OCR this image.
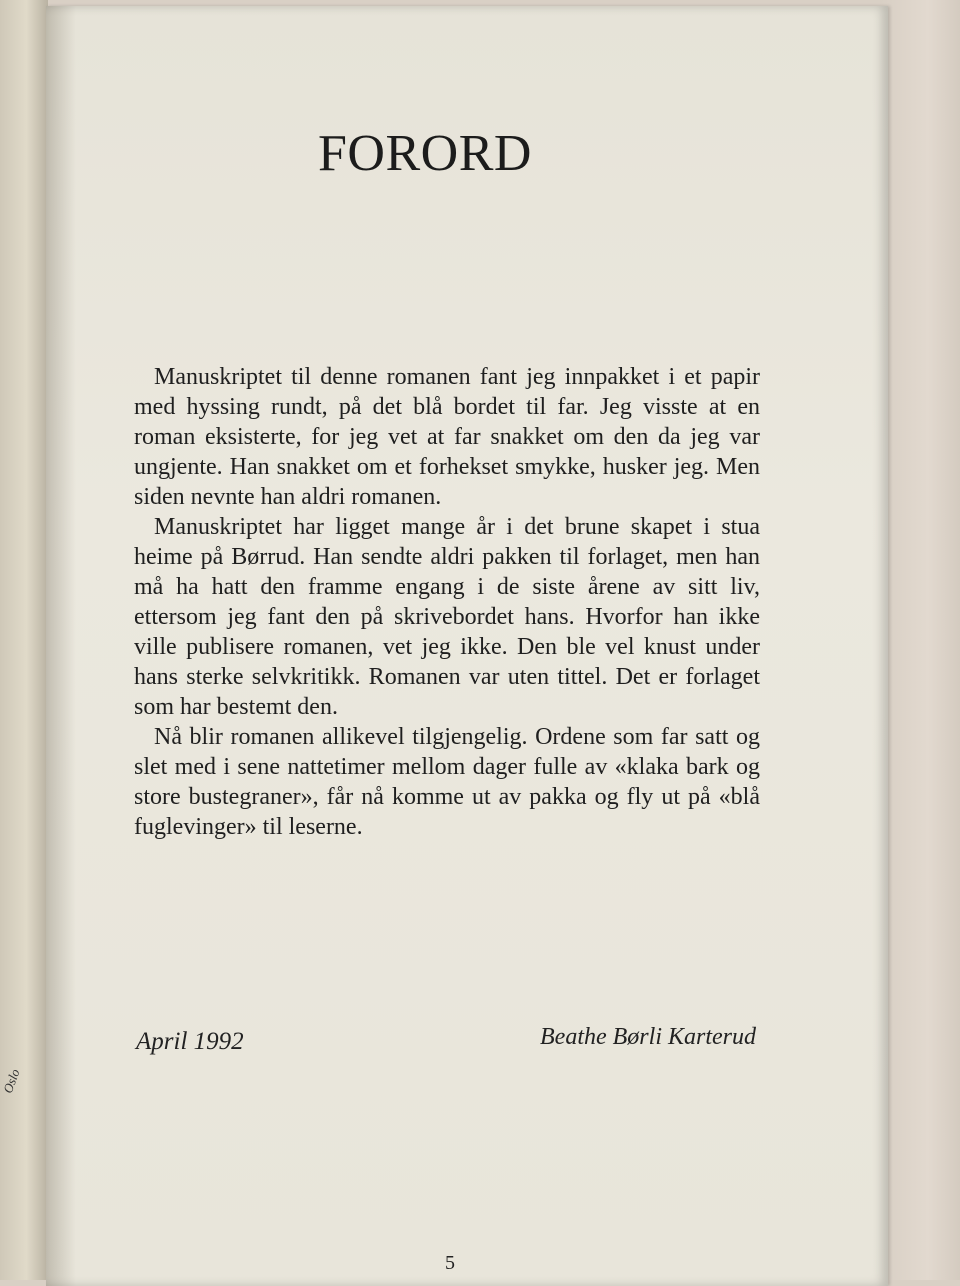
Oslo
FORORD

Manuskriptet til denne romanen fant jeg innpakket i et papir med hyssing rundt, på det blå bordet til far. Jeg visste at en roman eksisterte, for jeg vet at far snakket om den da jeg var ungjente. Han snakket om et forhekset smykke, husker jeg. Men siden nevnte han aldri romanen.

Manuskriptet har ligget mange år i det brune skapet i stua heime på Børrud. Han sendte aldri pakken til forlaget, men han må ha hatt den framme engang i de siste årene av sitt liv, ettersom jeg fant den på skrivebordet hans. Hvorfor han ikke ville publisere romanen, vet jeg ikke. Den ble vel knust under hans sterke selvkritikk. Romanen var uten tittel. Det er forlaget som har bestemt den.

Nå blir romanen allikevel tilgjengelig. Ordene som far satt og slet med i sene nattetimer mellom dager fulle av «klaka bark og store bustegraner», får nå komme ut av pakka og fly ut på «blå fuglevinger» til leserne.

April 1992	Beathe Børli Karterud
5
